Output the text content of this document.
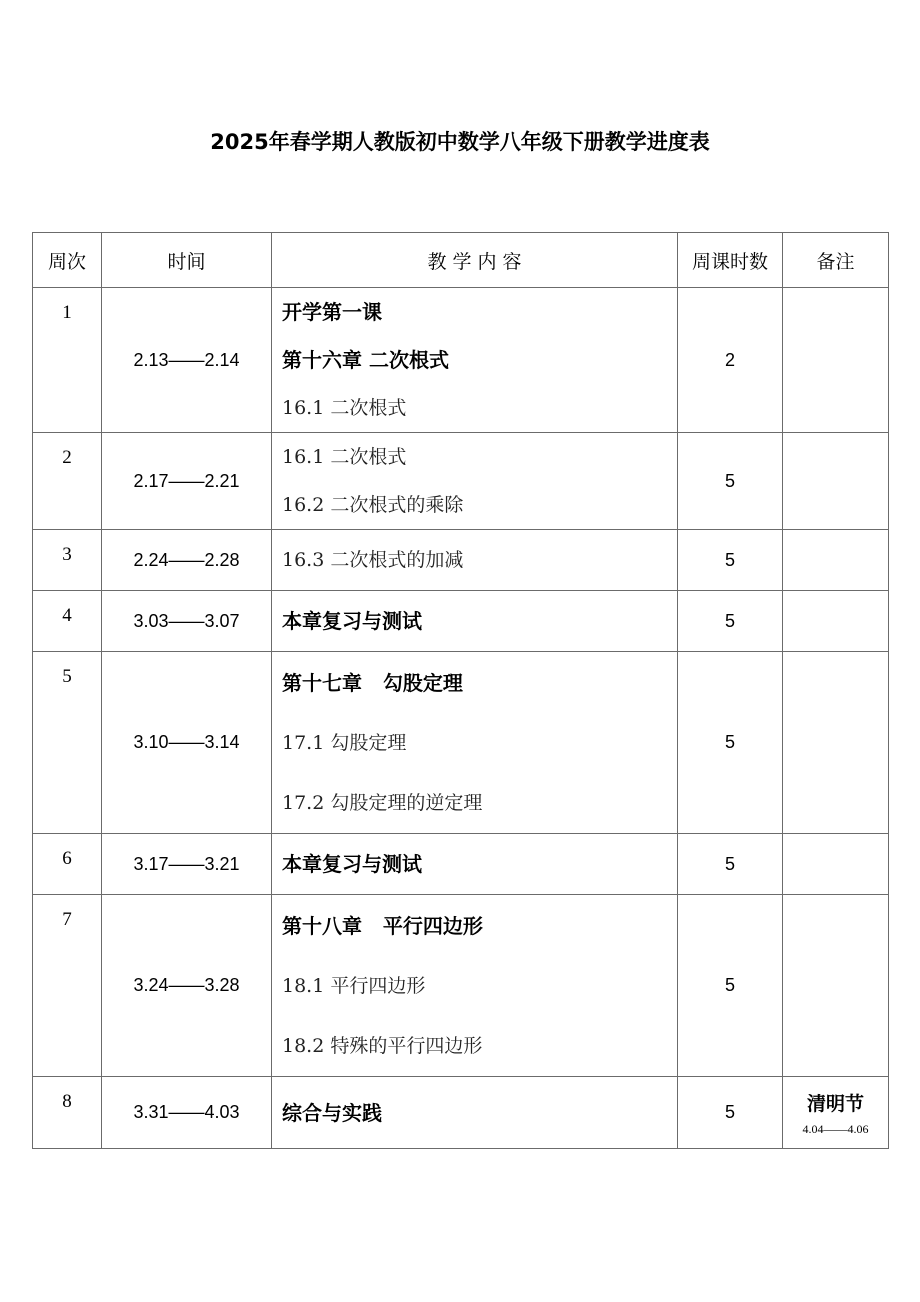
2025年春学期人教版初中数学八年级下册教学进度表
周次	时间	教 学 内 容	周课时数	备注
1	2.13——2.14	开学第一课
第十六章 二次根式
16.1 二次根式	2	
2	2.17——2.21	16.1 二次根式
16.2 二次根式的乘除	5	
3	2.24——2.28	16.3 二次根式的加减	5	
4	3.03——3.07	本章复习与测试	5	
5	3.10——3.14	第十七章   勾股定理
17.1 勾股定理
17.2 勾股定理的逆定理	5	
6	3.17——3.21	本章复习与测试	5	
7	3.24——3.28	第十八章   平行四边形
18.1 平行四边形
18.2 特殊的平行四边形	5	
8	3.31——4.03	综合与实践	5	清明节
4.04——4.06
